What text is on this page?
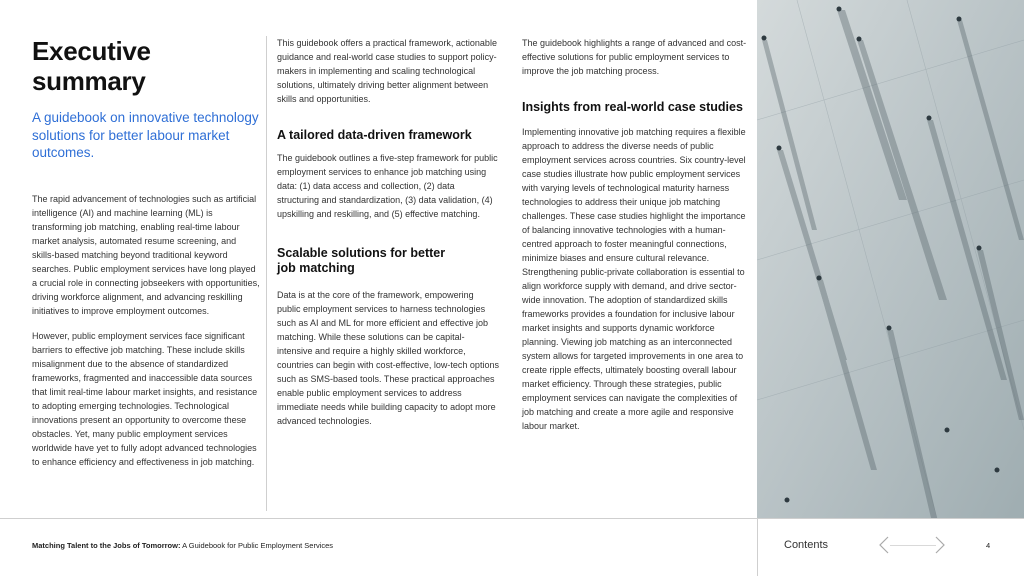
Executive
summary
A guidebook on innovative technology solutions for better labour market outcomes.

The rapid advancement of technologies such as artificial intelligence (AI) and machine learning (ML) is transforming job matching, enabling real-time labour market analysis, automated resume screening, and skills-based matching beyond traditional keyword searches. Public employment services have long played a crucial role in connecting jobseekers with opportunities, driving workforce alignment, and advancing reskilling initiatives to improve employment outcomes.

However, public employment services face significant barriers to effective job matching. These include skills misalignment due to the absence of standardized frameworks, fragmented and inaccessible data sources that limit real-time labour market insights, and resistance to adopting emerging technologies. Technological innovations present an opportunity to overcome these obstacles. Yet, many public employment services worldwide have yet to fully adopt advanced technologies to enhance efficiency and effectiveness in job matching.

This guidebook offers a practical framework, actionable guidance and real-world case studies to support policy-makers in implementing and scaling technological solutions, ultimately driving better alignment between skills and opportunities.

A tailored data-driven framework

The guidebook outlines a five-step framework for public employment services to enhance job matching using data: (1) data access and collection, (2) data structuring and standardization, (3) data validation, (4) upskilling and reskilling, and (5) effective matching.

Scalable solutions for better
job matching

Data is at the core of the framework, empowering public employment services to harness technologies such as AI and ML for more efficient and effective job matching. While these solutions can be capital-intensive and require a highly skilled workforce, countries can begin with cost-effective, low-tech options such as SMS-based tools. These practical approaches enable public employment services to address immediate needs while building capacity to adopt more advanced technologies.

The guidebook highlights a range of advanced and cost-effective solutions for public employment services to improve the job matching process.

Insights from real-world case studies

Implementing innovative job matching requires a flexible approach to address the diverse needs of public employment services across countries. Six country-level case studies illustrate how public employment services with varying levels of technological maturity harness technologies to address their unique job matching challenges. These case studies highlight the importance of balancing innovative technologies with a human-centred approach to foster meaningful connections, minimize biases and ensure cultural relevance. Strengthening public-private collaboration is essential to align workforce supply with demand, and drive sector-wide innovation. The adoption of standardized skills frameworks provides a foundation for inclusive labour market insights and supports dynamic workforce planning. Viewing job matching as an interconnected system allows for targeted improvements in one area to create ripple effects, ultimately boosting overall labour market efficiency. Through these strategies, public employment services can navigate the complexities of job matching and create a more agile and responsive labour market.

Matching Talent to the Jobs of Tomorrow: A Guidebook for Public Employment Services	Contents	4
